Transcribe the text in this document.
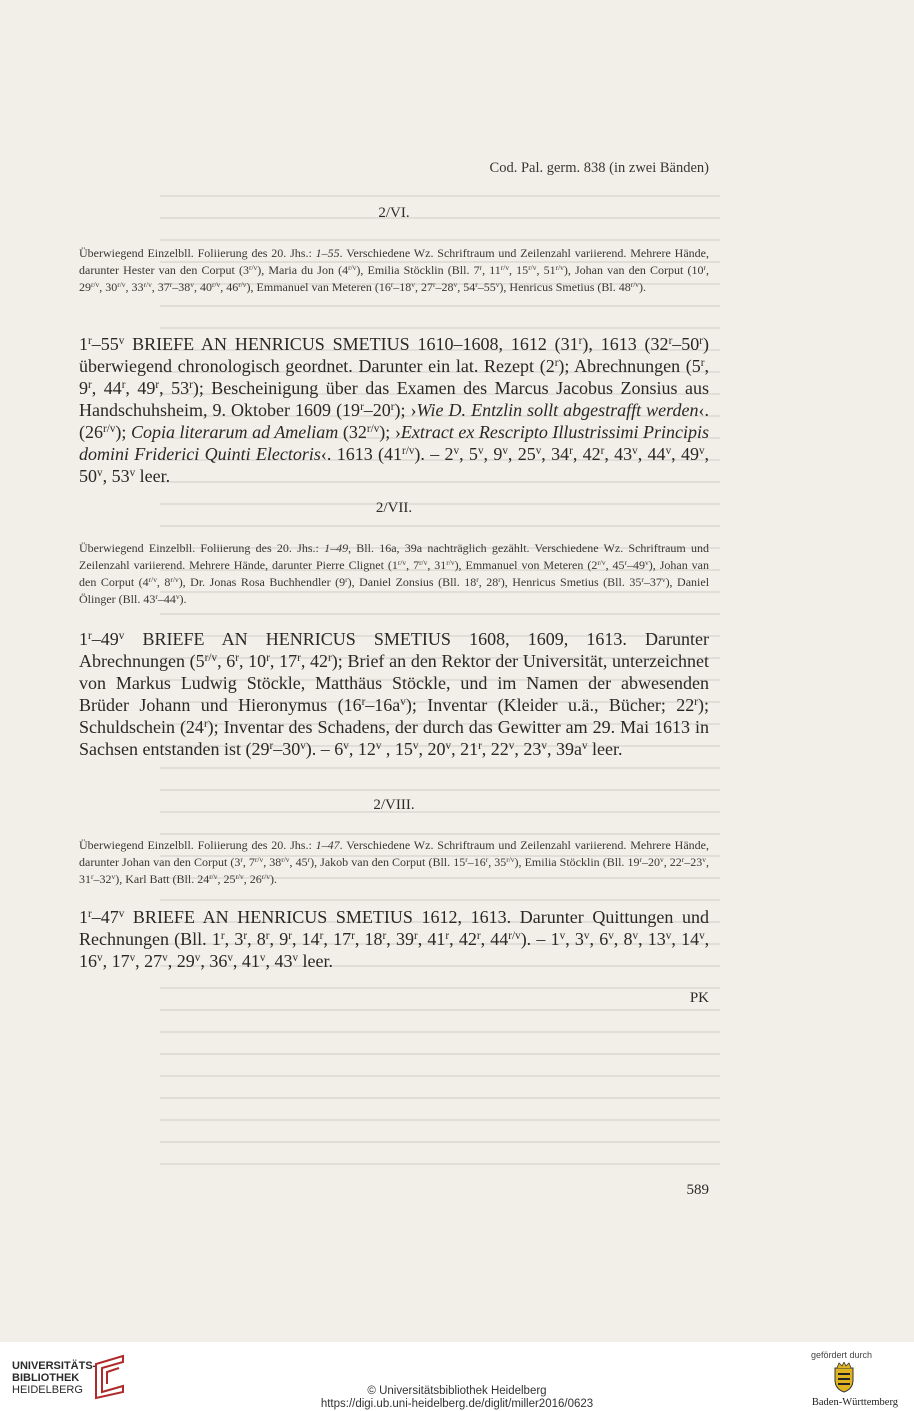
Cod. Pal. germ. 838 (in zwei Bänden)
2/VI.
Überwiegend Einzelbll. Foliierung des 20. Jhs.: 1–55. Verschiedene Wz. Schriftraum und Zeilenzahl variierend. Mehrere Hände, darunter Hester van den Corput $(3^{r/v})$, Maria du Jon $(4^{r/v})$, Emilia Stöcklin (Bll. 7$^r$, $11^{r/v}$, $15^{r/v}$, $51^{r/v}$), Johan van den Corput (10$^r$, $29^{r/v}$, $30^{r/v}$, $33^{r/v}$, 37$^r$–38$^v$, $40^{r/v}$, $46^{r/v}$), Emmanuel van Meteren (16$^r$–18$^v$, 27$^r$–28$^v$, 54$^r$–55$^v$), Henricus Smetius (Bl. $48^{r/v}$).
1$^r$–55$^v$ BRIEFE AN HENRICUS SMETIUS 1610–1608, 1612 (31$^r$), 1613 (32$^r$–50$^r$) überwiegend chronologisch geordnet. Darunter ein lat. Rezept (2$^r$); Abrechnungen (5$^r$, 9$^r$, 44$^r$, 49$^r$, 53$^r$); Bescheinigung über das Examen des Marcus Jacobus Zonsius aus Handschuhsheim, 9. Oktober 1609 (19$^r$–20$^r$); ›Wie D. Entzlin sollt abgestrafft werden‹. $(26^{r/v})$; Copia literarum ad Ameliam $(32^{r/v})$; ›Extract ex Rescripto Illustrissimi Principis domini Friderici Quinti Electoris‹. 1613 $(41^{r/v})$. – 2$^v$, 5$^v$, 9$^v$, 25$^v$, 34$^r$, 42$^r$, 43$^v$, 44$^v$, 49$^v$, 50$^v$, 53$^v$ leer.
2/VII.
Überwiegend Einzelbll. Foliierung des 20. Jhs.: 1–49, Bll. 16a, 39a nachträglich gezählt. Verschiedene Wz. Schriftraum und Zeilenzahl variierend. Mehrere Hände, darunter Pierre Clignet ($1^{r/v}$, $7^{r/v}$, $31^{r/v}$), Emmanuel von Meteren ($2^{r/v}$, 45$^r$–49$^v$), Johan van den Corput ($4^{r/v}$, $8^{r/v}$), Dr. Jonas Rosa Buchhendler (9$^r$), Daniel Zonsius (Bll. 18$^r$, 28$^r$), Henricus Smetius (Bll. 35$^r$–37$^v$), Daniel Ölinger (Bll. 43$^r$–44$^v$).
1$^r$–49$^v$ BRIEFE AN HENRICUS SMETIUS 1608, 1609, 1613. Darunter Abrechnungen ($5^{r/v}$, 6$^r$, 10$^r$, 17$^r$, 42$^r$); Brief an den Rektor der Universität, unterzeichnet von Markus Ludwig Stöckle, Matthäus Stöckle, und im Namen der abwesenden Brüder Johann und Hieronymus $(16^r-16a^v)$; Inventar (Kleider u.ä., Bücher; 22$^r$); Schuldschein (24$^r$); Inventar des Schadens, der durch das Gewitter am 29. Mai 1613 in Sachsen entstanden ist (29$^r$–30$^v$). – 6$^v$, 12$^v$ , 15$^v$, 20$^v$, 21$^r$, 22$^v$, 23$^v$, $39a^v$ leer.
2/VIII.
Überwiegend Einzelbll. Foliierung des 20. Jhs.: 1–47. Verschiedene Wz. Schriftraum und Zeilenzahl variierend. Mehrere Hände, darunter Johan van den Corput (3$^r$, $7^{r/v}$, $38^{r/v}$, 45$^r$), Jakob van den Corput (Bll. 15$^r$–16$^r$, $35^{r/v}$), Emilia Stöcklin (Bll. 19$^r$–20$^v$, 22$^r$–23$^v$, 31$^r$–32$^v$), Karl Batt (Bll. $24^{r/v}$, $25^{r/v}$, $26^{r/v}$).
1$^r$–47$^v$ BRIEFE AN HENRICUS SMETIUS 1612, 1613. Darunter Quittungen und Rechnungen (Bll. 1$^r$, 3$^r$, 8$^r$, 9$^r$, 14$^r$, 17$^r$, 18$^r$, 39$^r$, 41$^r$, 42$^r$, $44^{r/v}$). – 1$^v$, 3$^v$, 6$^v$, 8$^v$, 13$^v$, 14$^v$, 16$^v$, 17$^v$, 27$^v$, 29$^v$, 36$^v$, 41$^v$, 43$^v$ leer.
PK
589
UNIVERSITÄTS-
BIBLIOTHEK
HEIDELBERG	© Universitätsbibliothek Heidelberg
https://digi.ub.uni-heidelberg.de/diglit/miller2016/0623
gefördert durch
Baden-Württemberg
